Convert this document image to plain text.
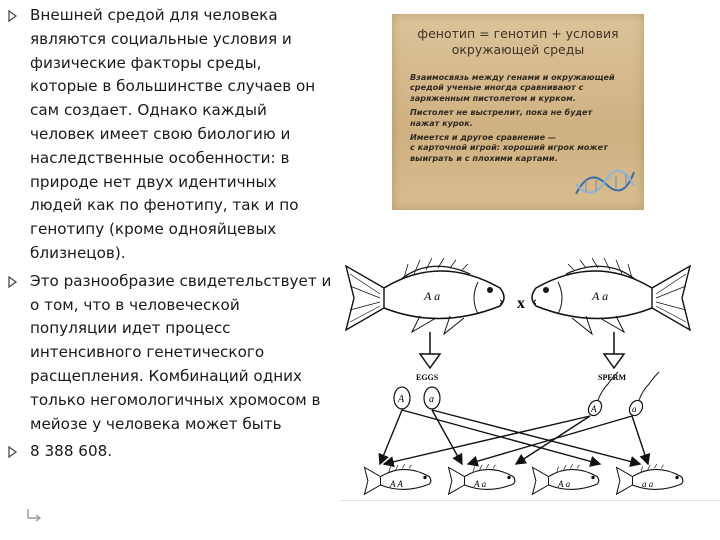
Внешней средой для человека
являются социальные условия и
физические факторы среды,
которые в большинстве случаев он
сам создает. Однако каждый
человек имеет свою биологию и
наследственные особенности: в
природе нет двух идентичных
людей как по фенотипу, так и по
генотипу (кроме однояйцевых
близнецов).
Это разнообразие свидетельствует и
о том, что в человеческой
популяции идет процесс
интенсивного генетического
расщепления. Комбинаций одних
только негомологичных хромосом в
мейозе у человека может быть
8 388 608.
фенотип = генотип + условия
окружающей среды

Взаимосвязь между генами и окружающей
средой ученые иногда сравнивают с
заряженным пистолетом и курком.

Пистолет не выстрелит, пока не будет
нажат курок.

Имеется и другое сравнение —
с карточной игрой: хороший игрок может
выиграть и с плохими картами.

A a	x	A a
EGGS	SPERM
A a
A	a
A A	A a	A a	a a
